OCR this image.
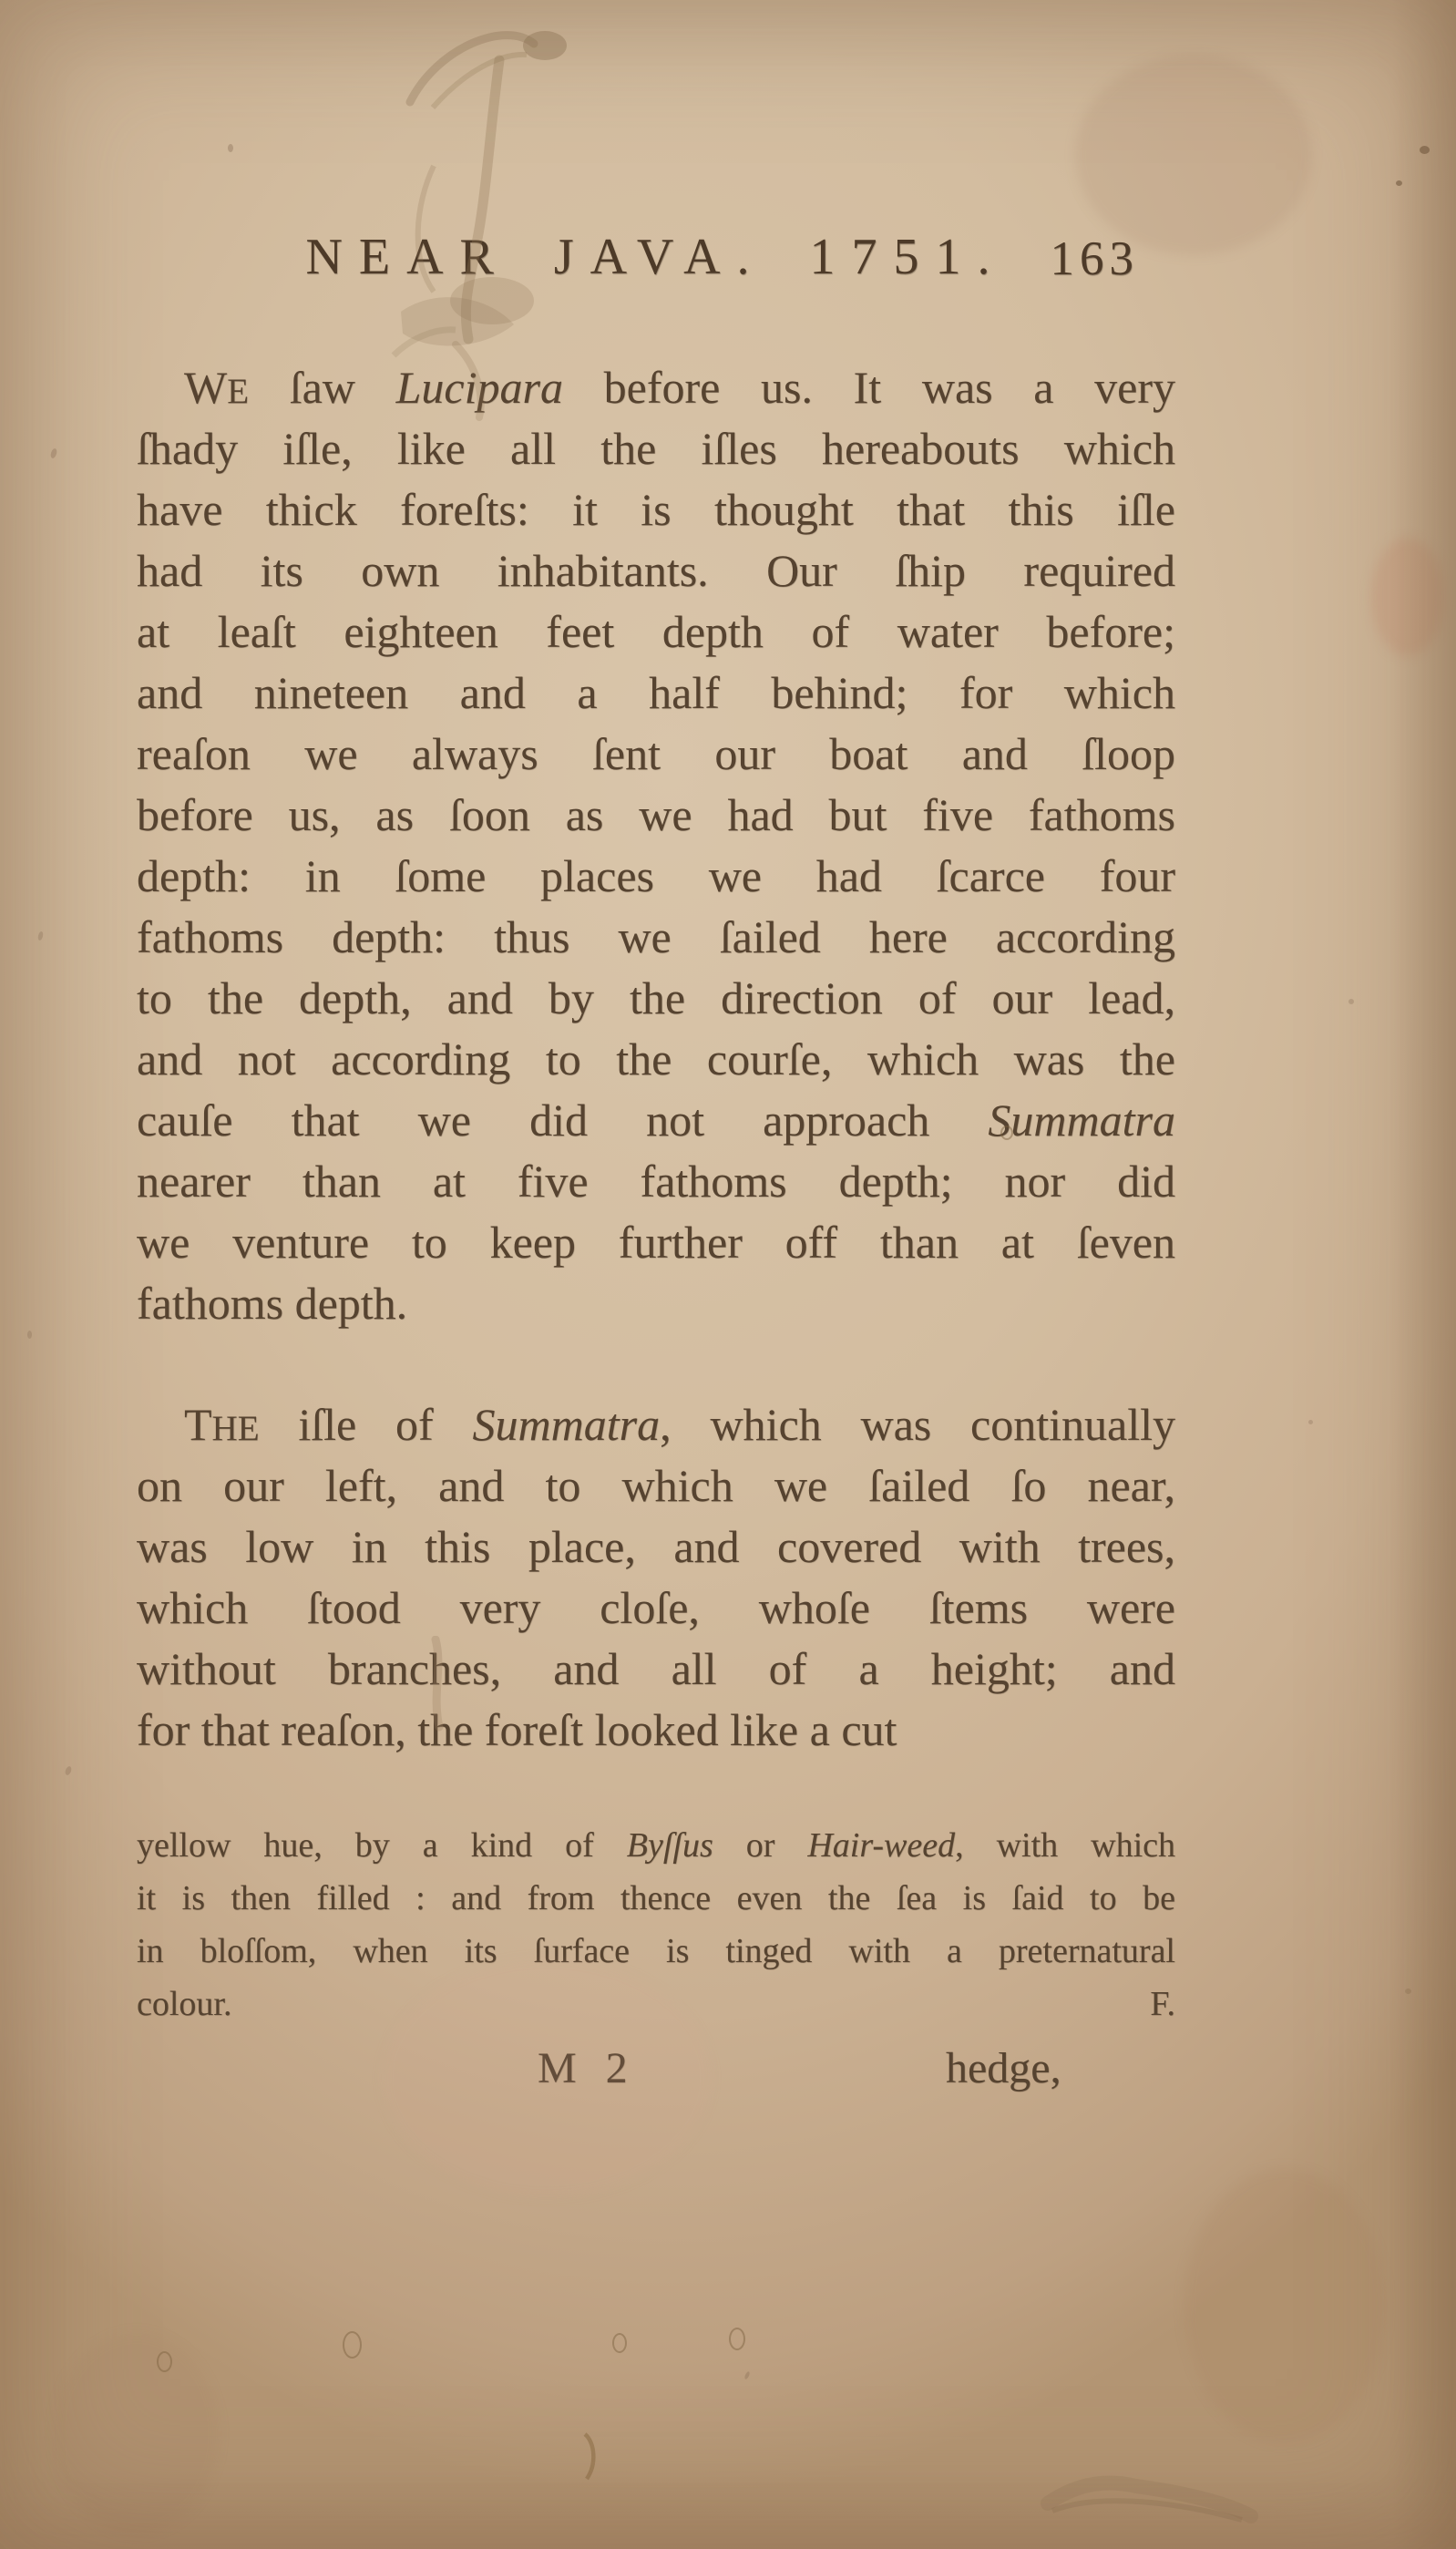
NEAR JAVA. 1751. 163
WE ſaw Lucipara before us. It was a very
ſhady iſle, like all the iſles hereabouts which
have thick foreſts: it is thought that this iſle
had its own inhabitants. Our ſhip required
at leaſt eighteen feet depth of water before;
and nineteen and a half behind; for which
reaſon we always ſent our boat and ſloop
before us, as ſoon as we had but five fathoms
depth: in ſome places we had ſcarce four
fathoms depth: thus we ſailed here according
to the depth, and by the direction of our lead,
and not according to the courſe, which was the
cauſe that we did not approach Summatra
nearer than at five fathoms depth; nor did
we venture to keep further off than at ſeven
fathoms depth.
THE iſle of Summatra, which was continually
on our left, and to which we ſailed ſo near,
was low in this place, and covered with trees,
which ſtood very cloſe, whoſe ſtems were
without branches, and all of a height; and
for that reaſon, the foreſt looked like a cut
yellow hue, by a kind of Byſſus or Hair-weed, with which
it is then filled : and from thence even the ſea is ſaid to be
in bloſſom, when its ſurface is tinged with a preternatural
colour. F.
M 2	hedge,
